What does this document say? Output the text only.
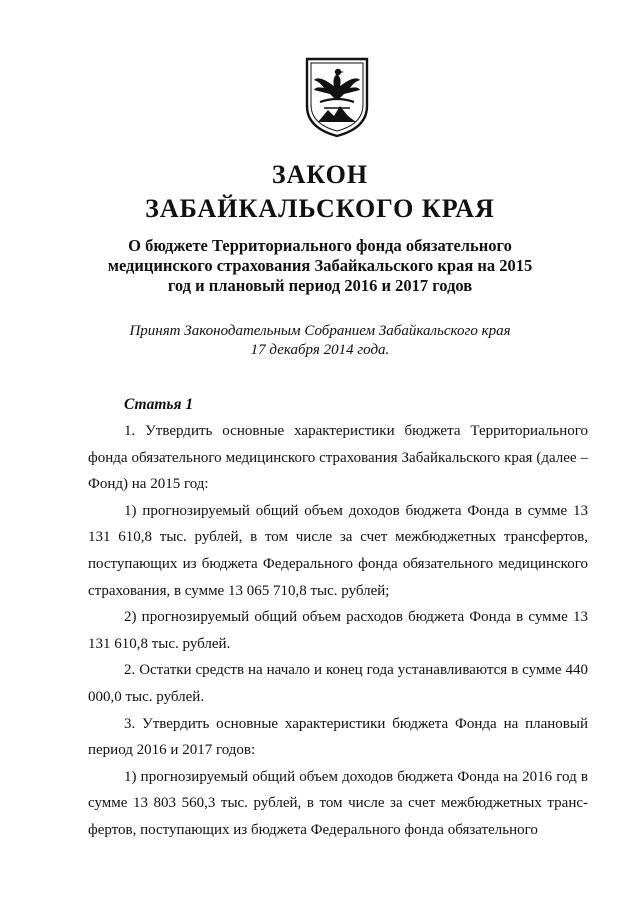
ЗАКОН
ЗАБАЙКАЛЬСКОГО КРАЯ
О бюджете Территориального фонда обязательного медицинского страхования Забайкальского края на 2015 год и плановый период 2016 и 2017 годов
Принят Законодательным Собранием Забайкальского края
17 декабря 2014 года.
Статья 1

1. Утвердить основные характеристики бюджета Территориального фонда обязательного медицинского страхования Забайкальского края (далее – Фонд) на 2015 год:

1) прогнозируемый общий объем доходов бюджета Фонда в сумме 13 131 610,8 тыс. рублей, в том числе за счет межбюджетных трансфертов, поступающих из бюджета Федерального фонда обязательного медицинского страхования, в сумме 13 065 710,8 тыс. рублей;

2) прогнозируемый общий объем расходов бюджета Фонда в сумме 13 131 610,8 тыс. рублей.

2. Остатки средств на начало и конец года устанавливаются в сумме 440 000,0 тыс. рублей.

3. Утвердить основные характеристики бюджета Фонда на плановый период 2016 и 2017 годов:

1) прогнозируемый общий объем доходов бюджета Фонда на 2016 год в сумме 13 803 560,3 тыс. рублей, в том числе за счет межбюджетных транс-фертов, поступающих из бюджета Федерального фонда обязательного
